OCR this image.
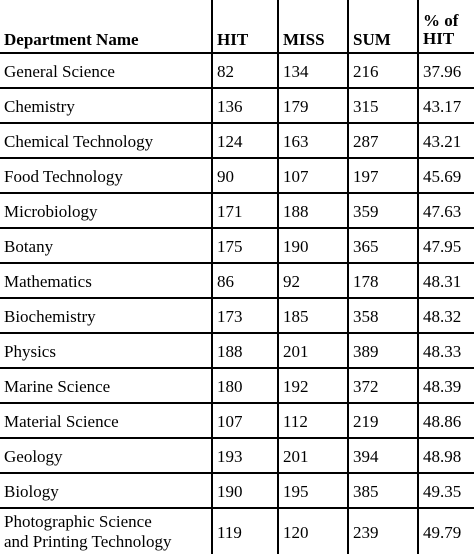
Department Name	HIT	MISS	SUM	% of
HIT
General Science	82	134	216	37.96
Chemistry	136	179	315	43.17
Chemical Technology	124	163	287	43.21
Food Technology	90	107	197	45.69
Microbiology	171	188	359	47.63
Botany	175	190	365	47.95
Mathematics	86	92	178	48.31
Biochemistry	173	185	358	48.32
Physics	188	201	389	48.33
Marine Science	180	192	372	48.39
Material Science	107	112	219	48.86
Geology	193	201	394	48.98
Biology	190	195	385	49.35
Photographic Science
and Printing Technology	119	120	239	49.79
